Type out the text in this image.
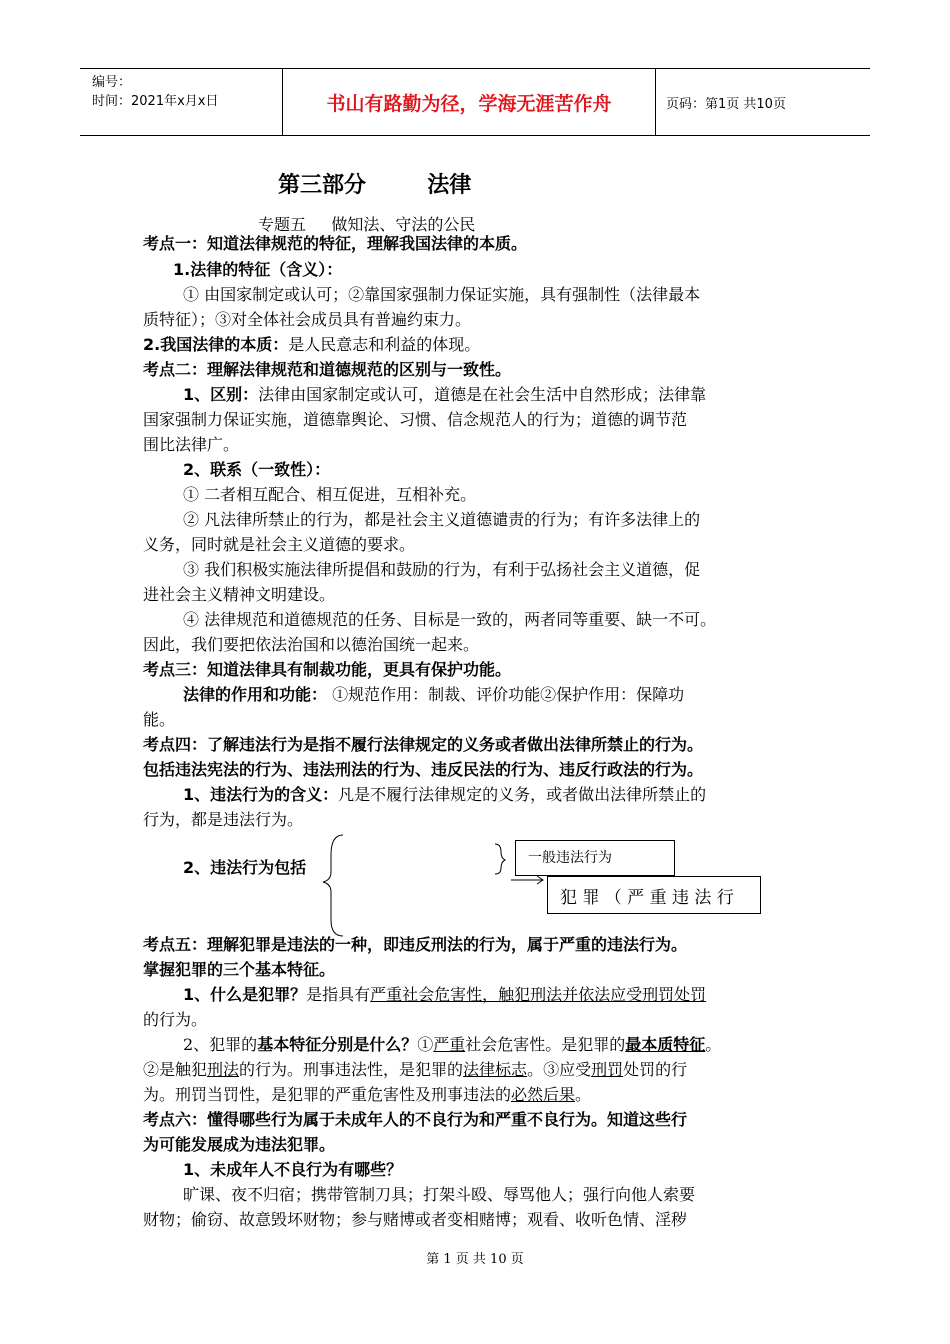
编号：
时间：2021年x月x日	书山有路勤为径，学海无涯苦作舟	页码：第1页 共10页
第三部分        法律
专题五     做知法、守法的公民
考点一：知道法律规范的特征，理解我国法律的本质。
1.法律的特征（含义）：
① 由国家制定或认可；②靠国家强制力保证实施，具有强制性（法律最本
质特征）；③对全体社会成员具有普遍约束力。
2.我国法律的本质：是人民意志和利益的体现。
考点二：理解法律规范和道德规范的区别与一致性。
1、区别：法律由国家制定或认可，道德是在社会生活中自然形成；法律靠
国家强制力保证实施，道德靠舆论、习惯、信念规范人的行为；道德的调节范
围比法律广。
2、联系（一致性）：
① 二者相互配合、相互促进，互相补充。
② 凡法律所禁止的行为，都是社会主义道德谴责的行为；有许多法律上的
义务，同时就是社会主义道德的要求。
③ 我们积极实施法律所提倡和鼓励的行为，有利于弘扬社会主义道德，促
进社会主义精神文明建设。
④ 法律规范和道德规范的任务、目标是一致的，两者同等重要、缺一不可。
因此，我们要把依法治国和以德治国统一起来。
考点三：知道法律具有制裁功能，更具有保护功能。
法律的作用和功能： ①规范作用：制裁、评价功能②保护作用：保障功
能。
考点四：了解违法行为是指不履行法律规定的义务或者做出法律所禁止的行为。
包括违法宪法的行为、违法刑法的行为、违反民法的行为、违反行政法的行为。
1、违法行为的含义：凡是不履行法律规定的义务，或者做出法律所禁止的
行为，都是违法行为。
2、违法行为包括	一般违法行为
犯 罪 （ 严 重 违 法 行
考点五：理解犯罪是违法的一种，即违反刑法的行为，属于严重的违法行为。
掌握犯罪的三个基本特征。
1、什么是犯罪？是指具有严重社会危害性，触犯刑法并依法应受刑罚处罚
的行为。
2、犯罪的基本特征分别是什么？①严重社会危害性。是犯罪的最本质特征。
②是触犯刑法的行为。刑事违法性，是犯罪的法律标志。③应受刑罚处罚的行
为。刑罚当罚性，是犯罪的严重危害性及刑事违法的必然后果。
考点六：懂得哪些行为属于未成年人的不良行为和严重不良行为。知道这些行
为可能发展成为违法犯罪。
1、未成年人不良行为有哪些？
旷课、夜不归宿；携带管制刀具；打架斗殴、辱骂他人；强行向他人索要
财物；偷窃、故意毁坏财物；参与赌博或者变相赌博；观看、收听色情、淫秽
第 1 页 共 10 页
